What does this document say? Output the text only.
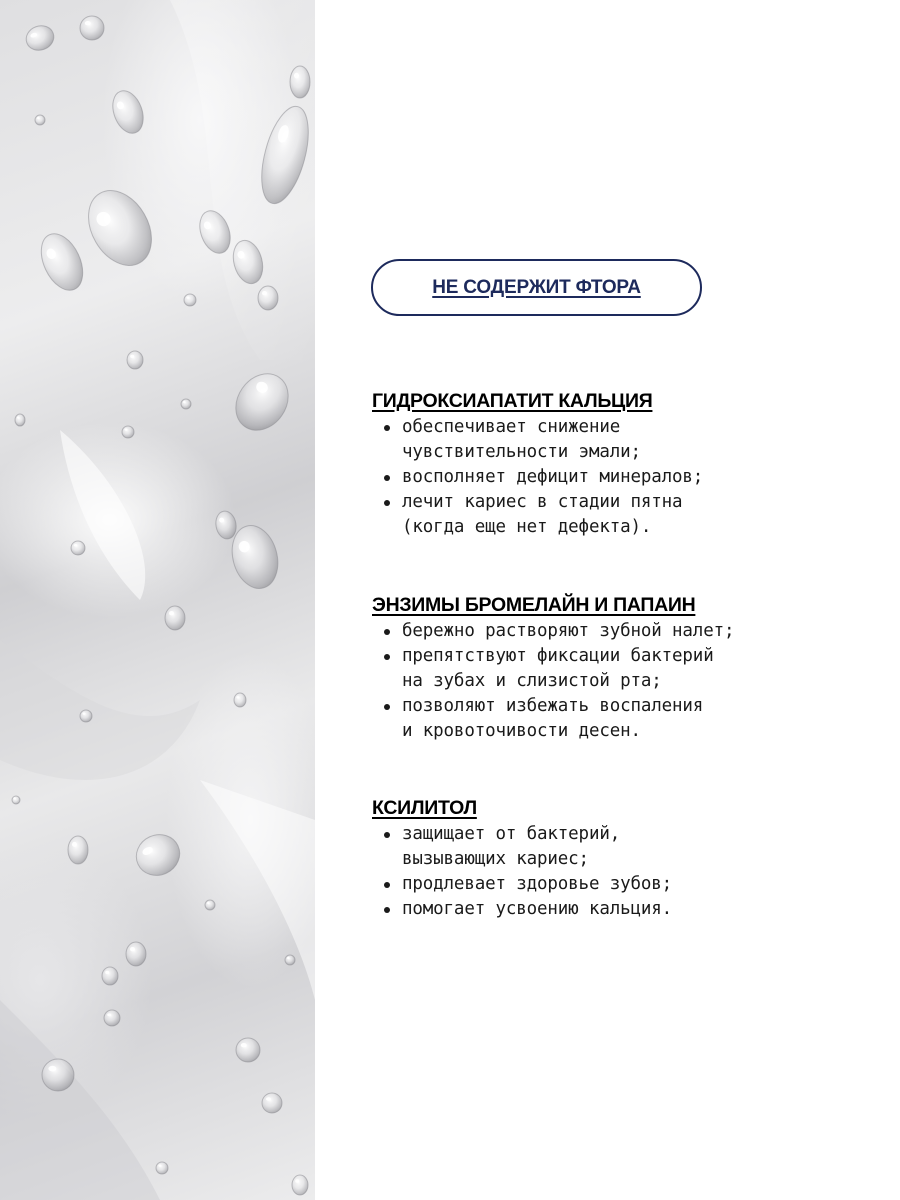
НЕ СОДЕРЖИТ ФТОРА
ГИДРОКСИАПАТИТ КАЛЬЦИЯ
обеспечивает снижение
чувствительности эмали;
восполняет дефицит минералов;
лечит кариес в стадии пятна
(когда еще нет дефекта).
ЭНЗИМЫ БРОМЕЛАЙН И ПАПАИН
бережно растворяют зубной налет;
препятствуют фиксации бактерий
на зубах и слизистой рта;
позволяют избежать воспаления
и кровоточивости десен.
КСИЛИТОЛ
защищает от бактерий,
вызывающих кариес;
продлевает здоровье зубов;
помогает усвоению кальция.
